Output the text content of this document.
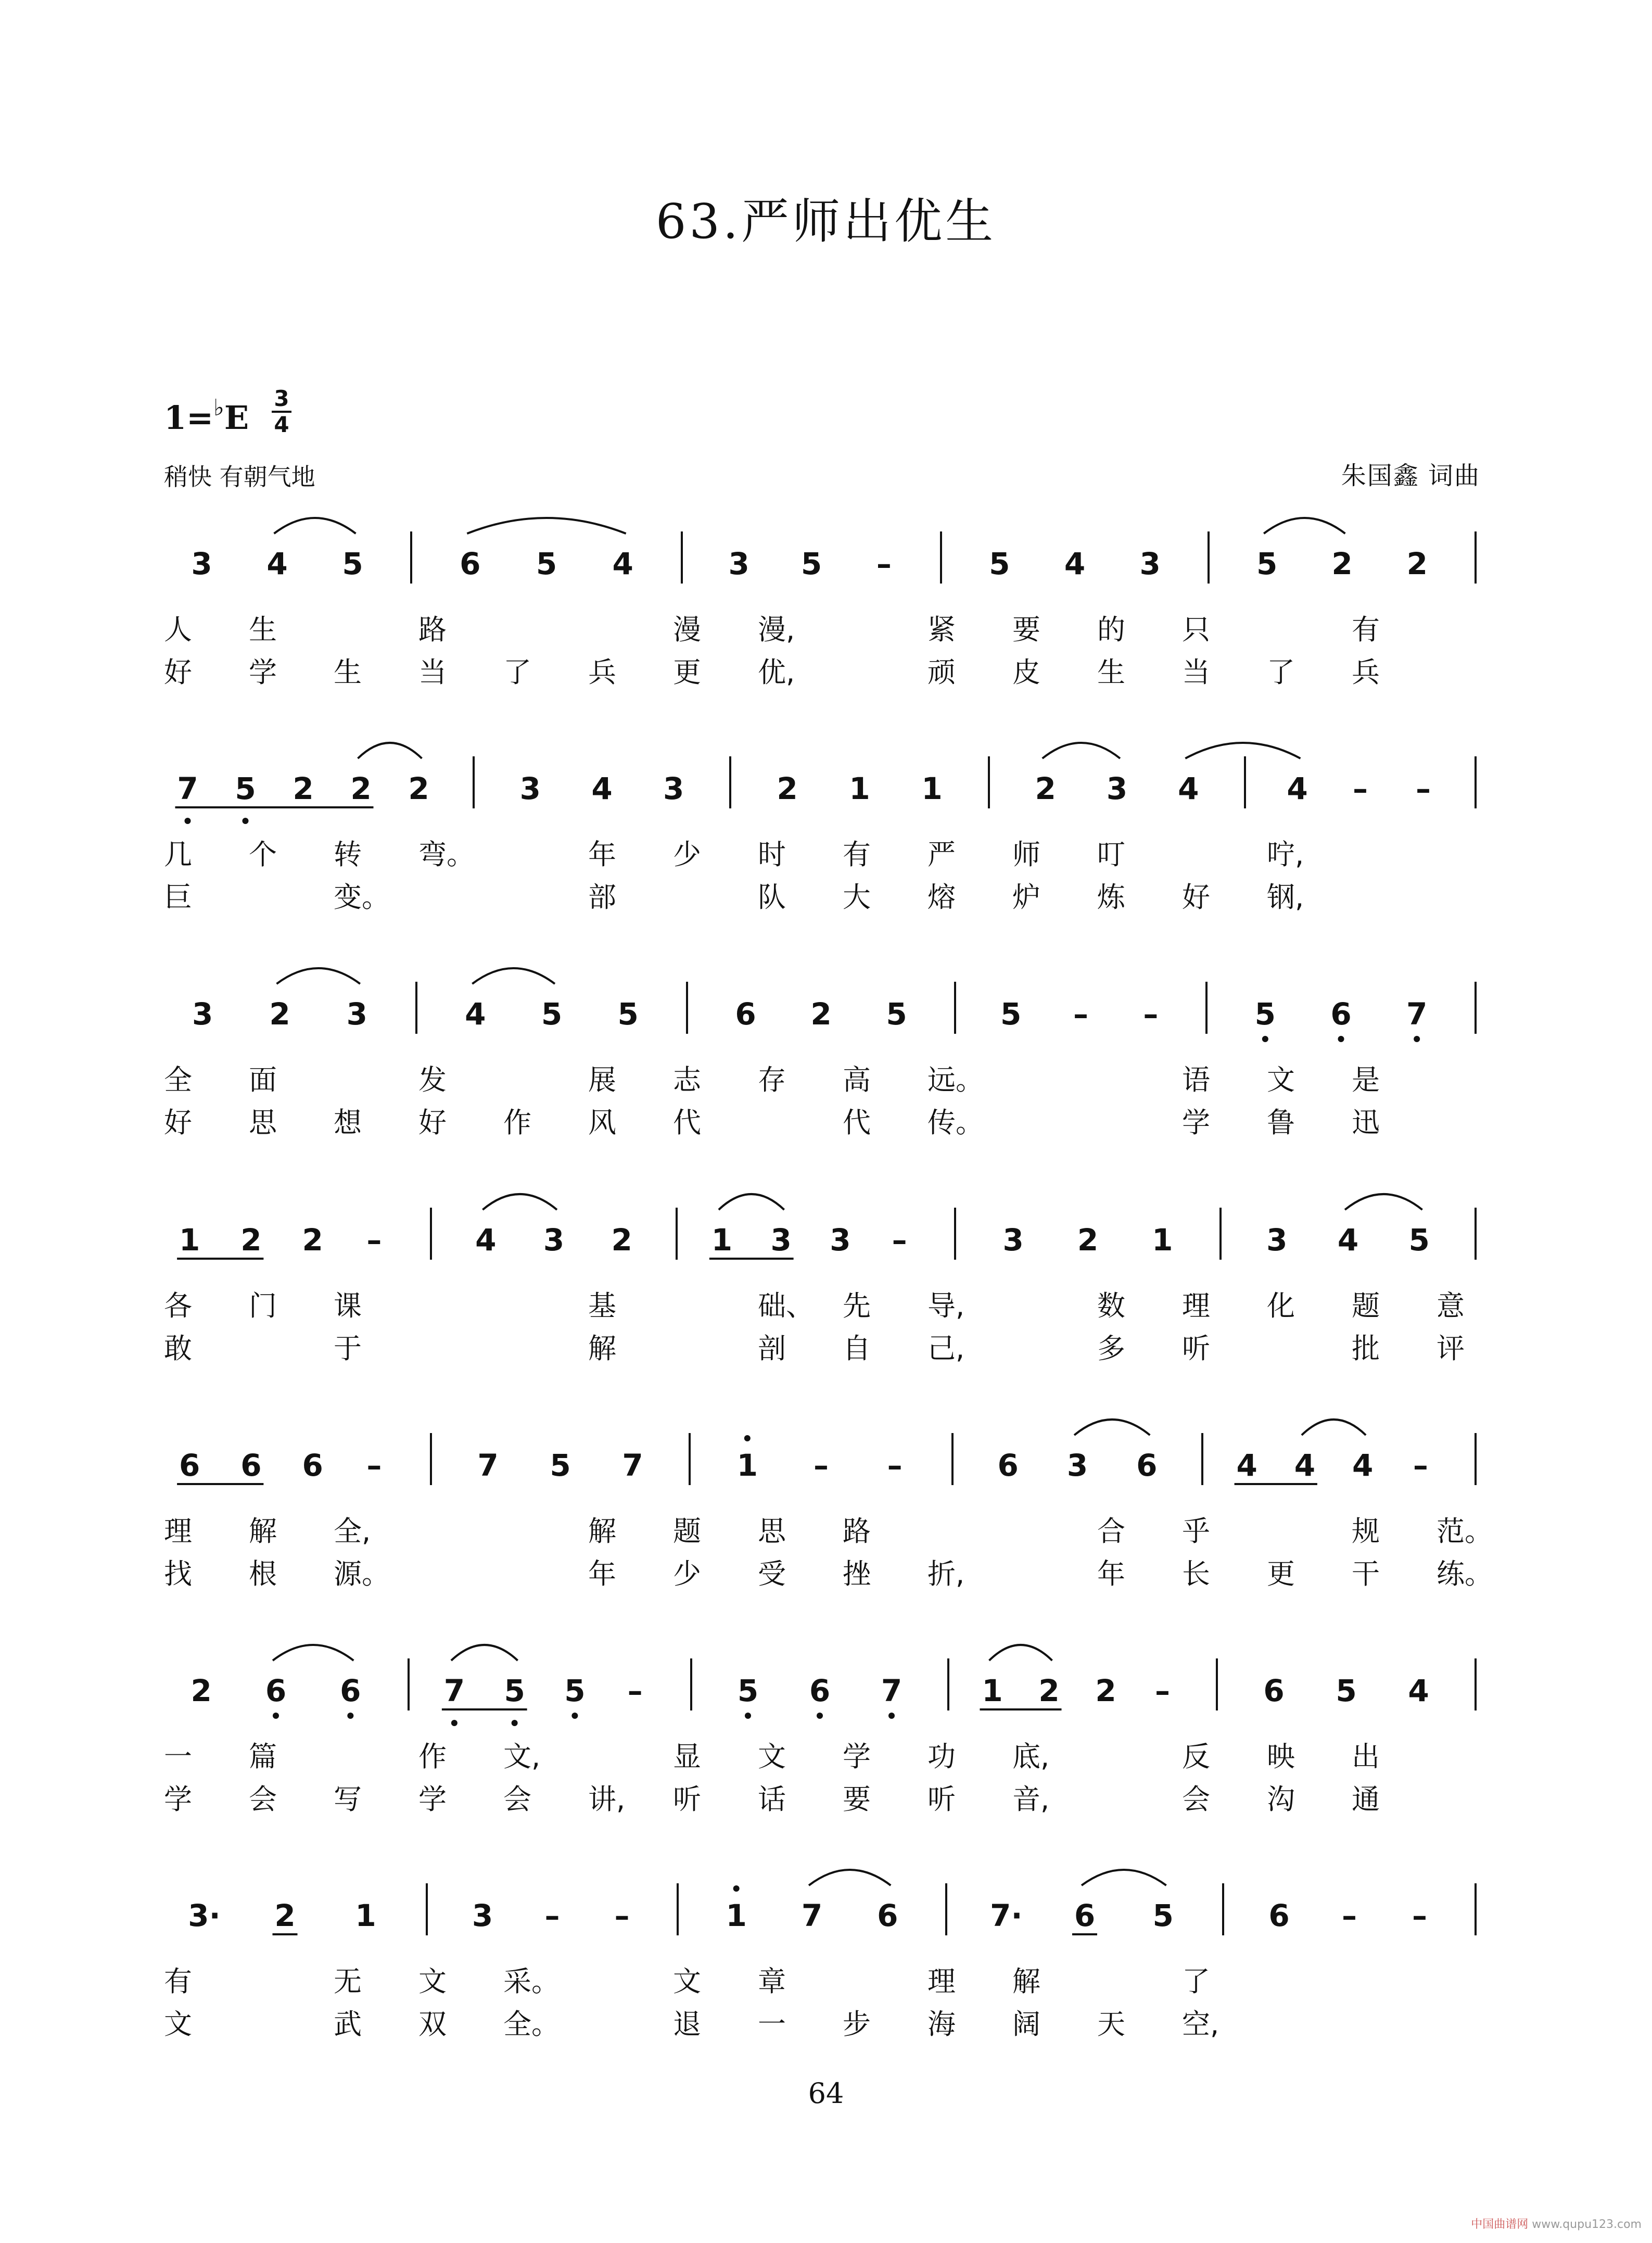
63.严师出优生
1=♭E
3
4
稍快 有朝气地	朱国鑫 词曲
3 4 5	6 5 4	3 5 –	5 4 3	5 2 2
人 生	路	漫 漫,	紧 要 的 只	有
好 学 生 当 了 兵 更 优,	顽 皮 生 当 了 兵
7 5 2 2 2	3 4 3	2 1 1	2 3 4	4 – –
几 个 转 弯。	年 少 时 有 严 师 叮	咛,
巨	变。	部	队 大 熔 炉 炼 好 钢,
3 2 3	4 5 5	6 2 5	5 – –	5 6 7
全 面	发	展 志 存 高 远。	语 文 是
好 思 想 好 作 风 代	代 传。	学 鲁 迅
1 2 2 –	4 3 2	1 3 3 –	3 2 1	3 4 5
各 门 课	基	础、 先 导,	数 理 化 题 意
敢	于	解	剖 自 己,	多 听	批 评
6 6 6 –	7 5 7	1 – –	6 3 6	4 4 4 –
理 解 全,	解 题 思 路	合 乎	规 范。
找 根 源。	年 少 受 挫 折,	年 长 更 干 练。
2 6 6	7 5 5 –	5 6 7	1 2 2 –	6 5 4
一 篇	作 文,	显 文 学 功 底,	反 映 出
学 会 写 学 会 讲, 听 话 要 听 音,	会 沟 通
3· 2 1	3 – –	1 7 6	7· 6 5	6 – –
有	无 文 采。	文 章	理 解	了
文	武 双 全。	退 一 步 海 阔 天 空,
64
中国曲谱网 www.qupu123.com
